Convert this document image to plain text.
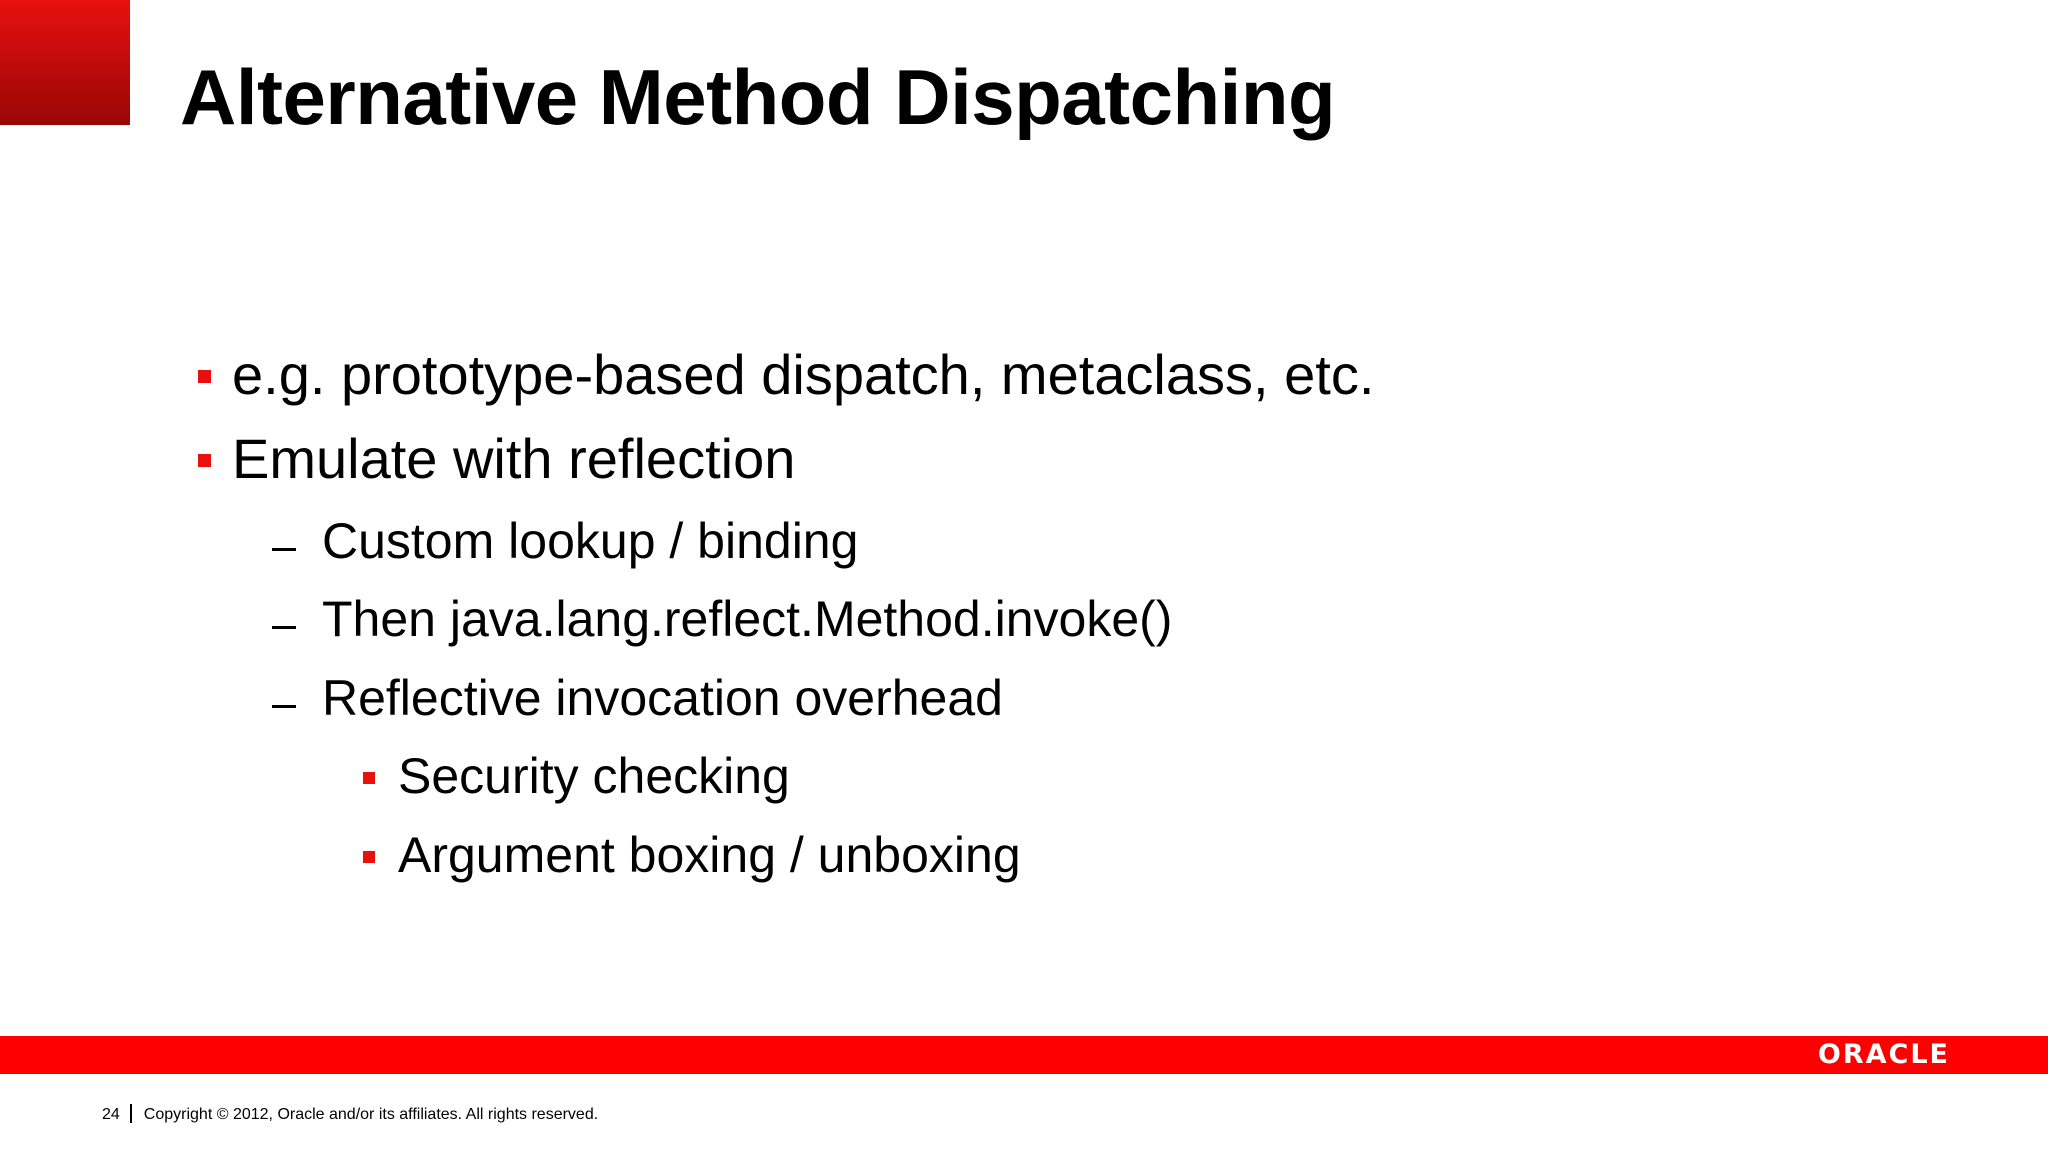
Alternative Method Dispatching
e.g. prototype-based dispatch, metaclass, etc.
Emulate with reflection
Custom lookup / binding
Then java.lang.reflect.Method.invoke()
Reflective invocation overhead
Security checking
Argument boxing / unboxing
ORACLE
24 Copyright © 2012, Oracle and/or its affiliates. All rights reserved.
